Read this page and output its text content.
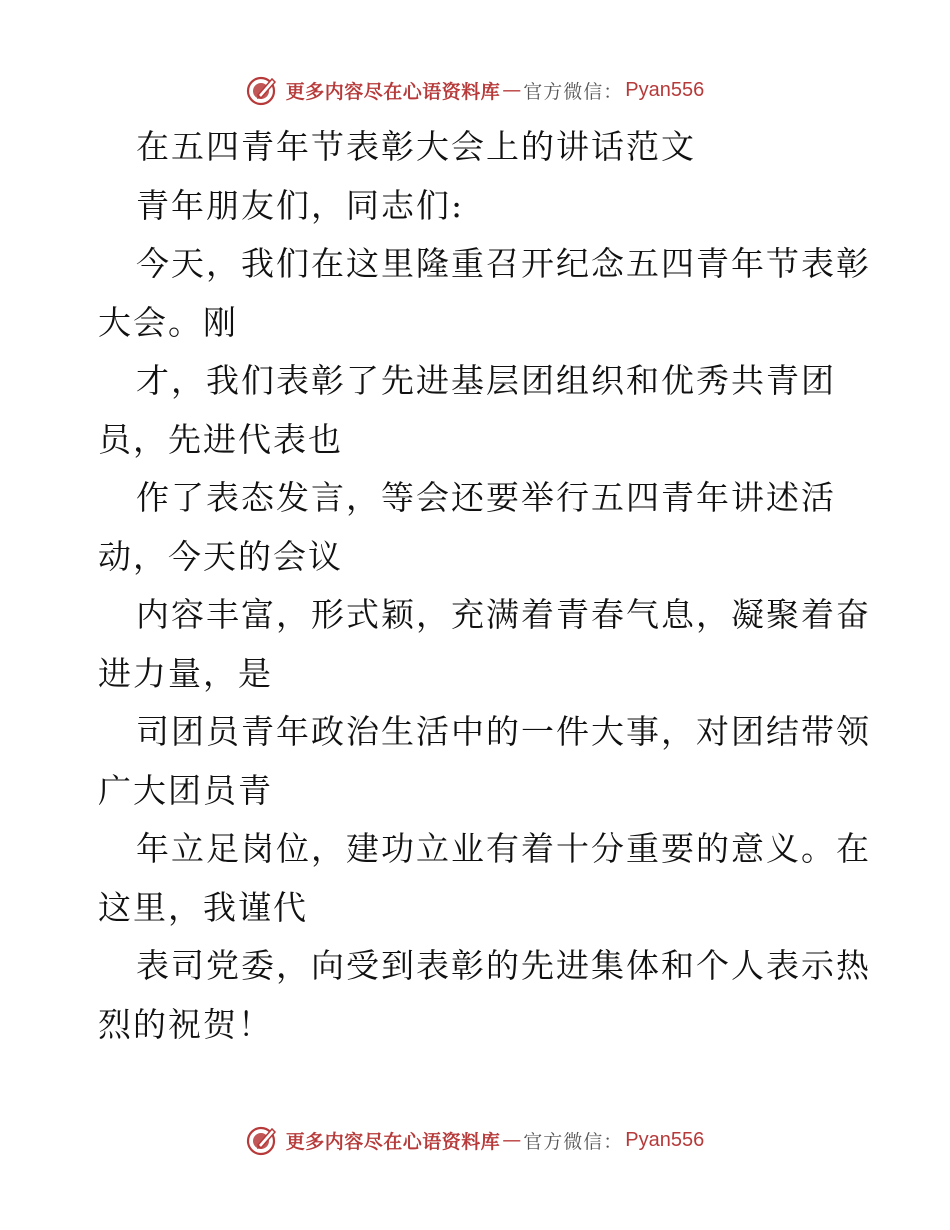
更多内容尽在心语资料库 — 官方微信： Pyan556
在五四青年节表彰大会上的讲话范文
青年朋友们，同志们:
今天，我们在这里隆重召开纪念五四青年节表彰
大会。刚
才，我们表彰了先进基层团组织和优秀共青团
员，先进代表也
作了表态发言，等会还要举行五四青年讲述活
动，今天的会议
内容丰富，形式颖，充满着青春气息，凝聚着奋
进力量，是
司团员青年政治生活中的一件大事，对团结带领
广大团员青
年立足岗位，建功立业有着十分重要的意义。在
这里，我谨代
表司党委，向受到表彰的先进集体和个人表示热
烈的祝贺！
更多内容尽在心语资料库 — 官方微信： Pyan556
